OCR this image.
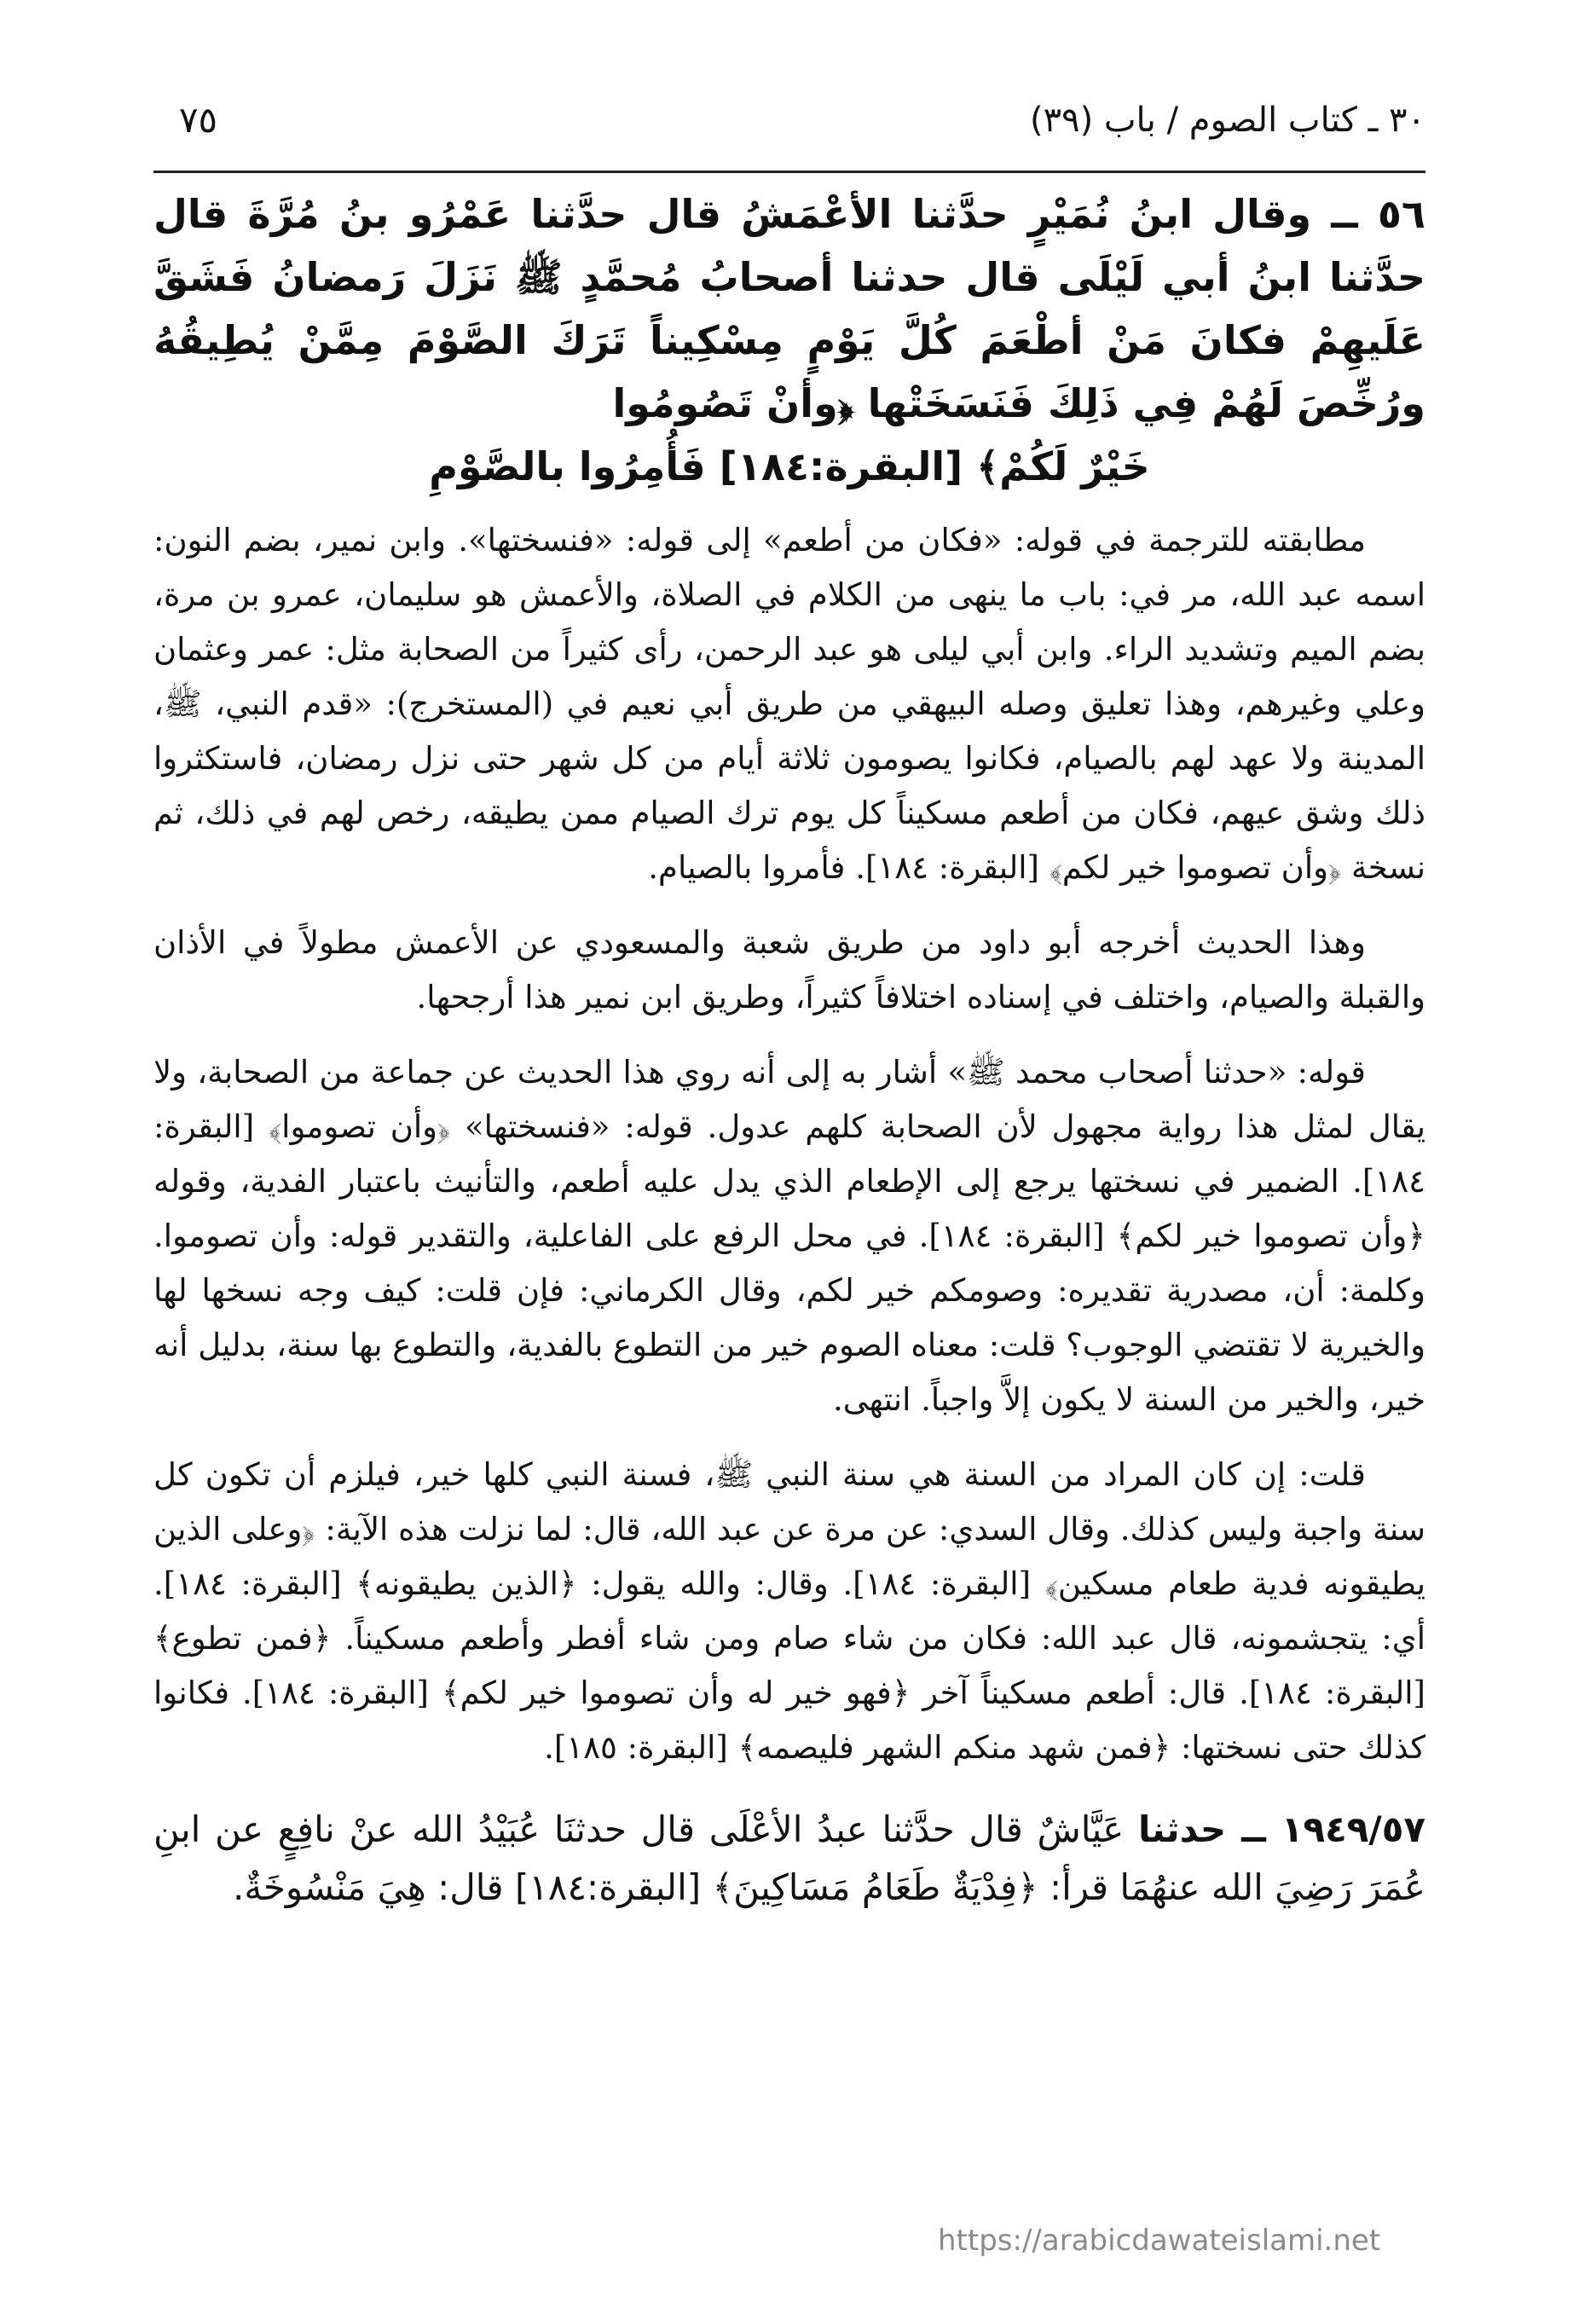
٣٠ ـ كتاب الصوم / باب (٣٩)
٧٥

٥٦ ــ وقال ابنُ نُمَيْرٍ حدَّثنا الأعْمَشُ قال حدَّثنا عَمْرُو بنُ مُرَّةَ قال حدَّثنا ابنُ أبي لَيْلَى قال حدثنا أصحابُ مُحمَّدٍ ﷺ نَزَلَ رَمضانُ فَشَقَّ عَلَيهِمْ فكانَ مَنْ أطْعَمَ كُلَّ يَوْمٍ مِسْكِيناً تَرَكَ الصَّوْمَ مِمَّنْ يُطِيقُهُ ورُخِّصَ لَهُمْ فِي ذَلِكَ فَنَسَخَتْها ﴿وأنْ تَصُومُوا
خَيْرٌ لَكُمْ﴾ [البقرة:١٨٤] فَأُمِرُوا بالصَّوْمِ

مطابقته للترجمة في قوله: «فكان من أطعم» إلى قوله: «فنسختها». وابن نمير، بضم النون: اسمه عبد الله، مر في: باب ما ينهى من الكلام في الصلاة، والأعمش هو سليمان، عمرو بن مرة، بضم الميم وتشديد الراء. وابن أبي ليلى هو عبد الرحمن، رأى كثيراً من الصحابة مثل: عمر وعثمان وعلي وغيرهم، وهذا تعليق وصله البيهقي من طريق أبي نعيم في (المستخرج): «قدم النبي، ﷺ، المدينة ولا عهد لهم بالصيام، فكانوا يصومون ثلاثة أيام من كل شهر حتى نزل رمضان، فاستكثروا ذلك وشق عيهم، فكان من أطعم مسكيناً كل يوم ترك الصيام ممن يطيقه، رخص لهم في ذلك، ثم نسخة ﴿وأن تصوموا خير لكم﴾ [البقرة: ١٨٤]. فأمروا بالصيام.

وهذا الحديث أخرجه أبو داود من طريق شعبة والمسعودي عن الأعمش مطولاً في الأذان والقبلة والصيام، واختلف في إسناده اختلافاً كثيراً، وطريق ابن نمير هذا أرجحها.

قوله: «حدثنا أصحاب محمد ﷺ» أشار به إلى أنه روي هذا الحديث عن جماعة من الصحابة، ولا يقال لمثل هذا رواية مجهول لأن الصحابة كلهم عدول. قوله: «فنسختها» ﴿وأن تصوموا﴾ [البقرة: ١٨٤]. الضمير في نسختها يرجع إلى الإطعام الذي يدل عليه أطعم، والتأنيث باعتبار الفدية، وقوله ﴿وأن تصوموا خير لكم﴾ [البقرة: ١٨٤]. في محل الرفع على الفاعلية، والتقدير قوله: وأن تصوموا. وكلمة: أن، مصدرية تقديره: وصومكم خير لكم، وقال الكرماني: فإن قلت: كيف وجه نسخها لها والخيرية لا تقتضي الوجوب؟ قلت: معناه الصوم خير من التطوع بالفدية، والتطوع بها سنة، بدليل أنه خير، والخير من السنة لا يكون إلاَّ واجباً. انتهى.

قلت: إن كان المراد من السنة هي سنة النبي ﷺ، فسنة النبي كلها خير، فيلزم أن تكون كل سنة واجبة وليس كذلك. وقال السدي: عن مرة عن عبد الله، قال: لما نزلت هذه الآية: ﴿وعلى الذين يطيقونه فدية طعام مسكين﴾ [البقرة: ١٨٤]. وقال: والله يقول: ﴿الذين يطيقونه﴾ [البقرة: ١٨٤]. أي: يتجشمونه، قال عبد الله: فكان من شاء صام ومن شاء أفطر وأطعم مسكيناً. ﴿فمن تطوع﴾ [البقرة: ١٨٤]. قال: أطعم مسكيناً آخر ﴿فهو خير له وأن تصوموا خير لكم﴾ [البقرة: ١٨٤]. فكانوا كذلك حتى نسختها: ﴿فمن شهد منكم الشهر فليصمه﴾ [البقرة: ١٨٥].

١٩٤٩/٥٧ ــ حدثنا عَيَّاشٌ قال حدَّثنا عبدُ الأعْلَى قال حدثنَا عُبَيْدُ الله عنْ نافِعٍ عن ابنِ عُمَرَ رَضِيَ الله عنهُمَا قرأ: ﴿فِدْيَةٌ طَعَامُ مَسَاكِينَ﴾ [البقرة:١٨٤] قال: هِيَ مَنْسُوخَةٌ.

https://arabicdawateislami.net
